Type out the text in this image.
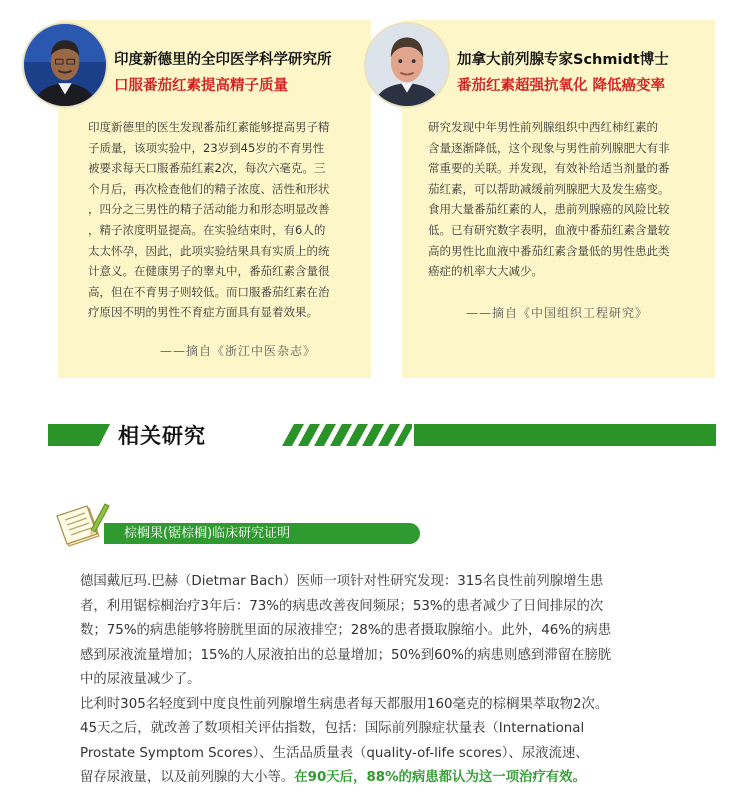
印度新德里的全印医学科学研究所
口服番茄红素提高精子质量
印度新德里的医生发现番茄红素能够提高男子精
子质量，该项实验中，23岁到45岁的不育男性
被要求每天口服番茄红素2次，每次六毫克。三
个月后，再次检查他们的精子浓度、活性和形状
，四分之三男性的精子活动能力和形态明显改善
，精子浓度明显提高。在实验结束时，有6人的
太太怀孕，因此，此项实验结果具有实质上的统
计意义。在健康男子的睾丸中，番茄红素含量很
高，但在不育男子则较低。而口服番茄红素在治
疗原因不明的男性不育症方面具有显着效果。
——摘自《浙江中医杂志》
加拿大前列腺专家Schmidt博士
番茄红素超强抗氧化 降低癌变率
研究发现中年男性前列腺组织中西红柿红素的
含量逐渐降低，这个现象与男性前列腺肥大有非
常重要的关联。并发现，有效补给适当剂量的番
茄红素，可以帮助减缓前列腺肥大及发生癌变。
食用大量番茄红素的人，患前列腺癌的风险比较
低。已有研究数字表明，血液中番茄红素含量较
高的男性比血液中番茄红素含量低的男性患此类
癌症的机率大大减少。
——摘自《中国组织工程研究》
相关研究
棕榈果(锯棕榈)临床研究证明

德国戴厄玛.巴赫（Dietmar Bach）医师一项针对性研究发现：315名良性前列腺增生患

者，利用锯棕榈治疗3年后：73%的病患改善夜间频尿；53%的患者减少了日间排尿的次

数；75%的病患能够将膀胱里面的尿液排空；28%的患者摄取腺缩小。此外，46%的病患

感到尿液流量增加；15%的人尿液拍出的总量增加；50%到60%的病患则感到滞留在膀胱

中的尿液量减少了。

比利时305名轻度到中度良性前列腺增生病患者每天都服用160毫克的棕榈果萃取物2次。

45天之后，就改善了数项相关评估指数，包括：国际前列腺症状量表（International

Prostate Symptom Scores）、生活品质量表（quality-of-life scores）、尿液流速、

留存尿液量，以及前列腺的大小等。在90天后，88%的病患都认为这一项治疗有效。
